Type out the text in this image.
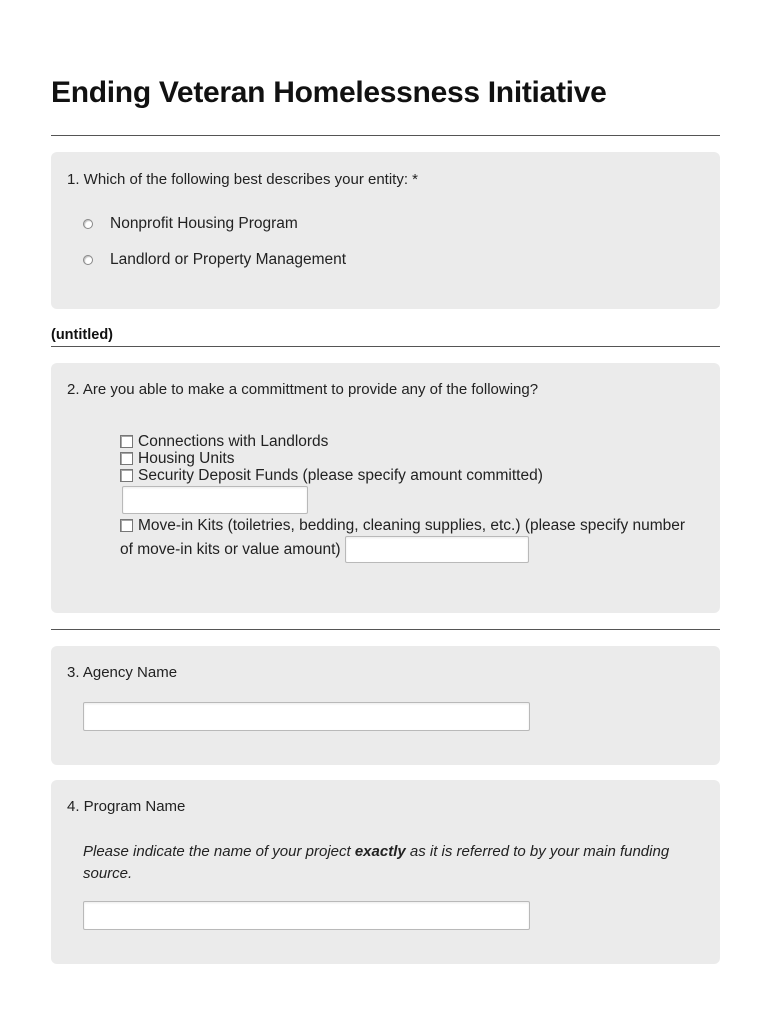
Ending Veteran Homelessness Initiative
1. Which of the following best describes your entity: *
Nonprofit Housing Program
Landlord or Property Management
(untitled)
2. Are you able to make a committment to provide any of the following?
Connections with Landlords
Housing Units
Security Deposit Funds (please specify amount committed)
Move-in Kits (toiletries, bedding, cleaning supplies, etc.) (please specify number
of move-in kits or value amount)
3. Agency Name
4. Program Name
Please indicate the name of your project exactly as it is referred to by your main funding source.
